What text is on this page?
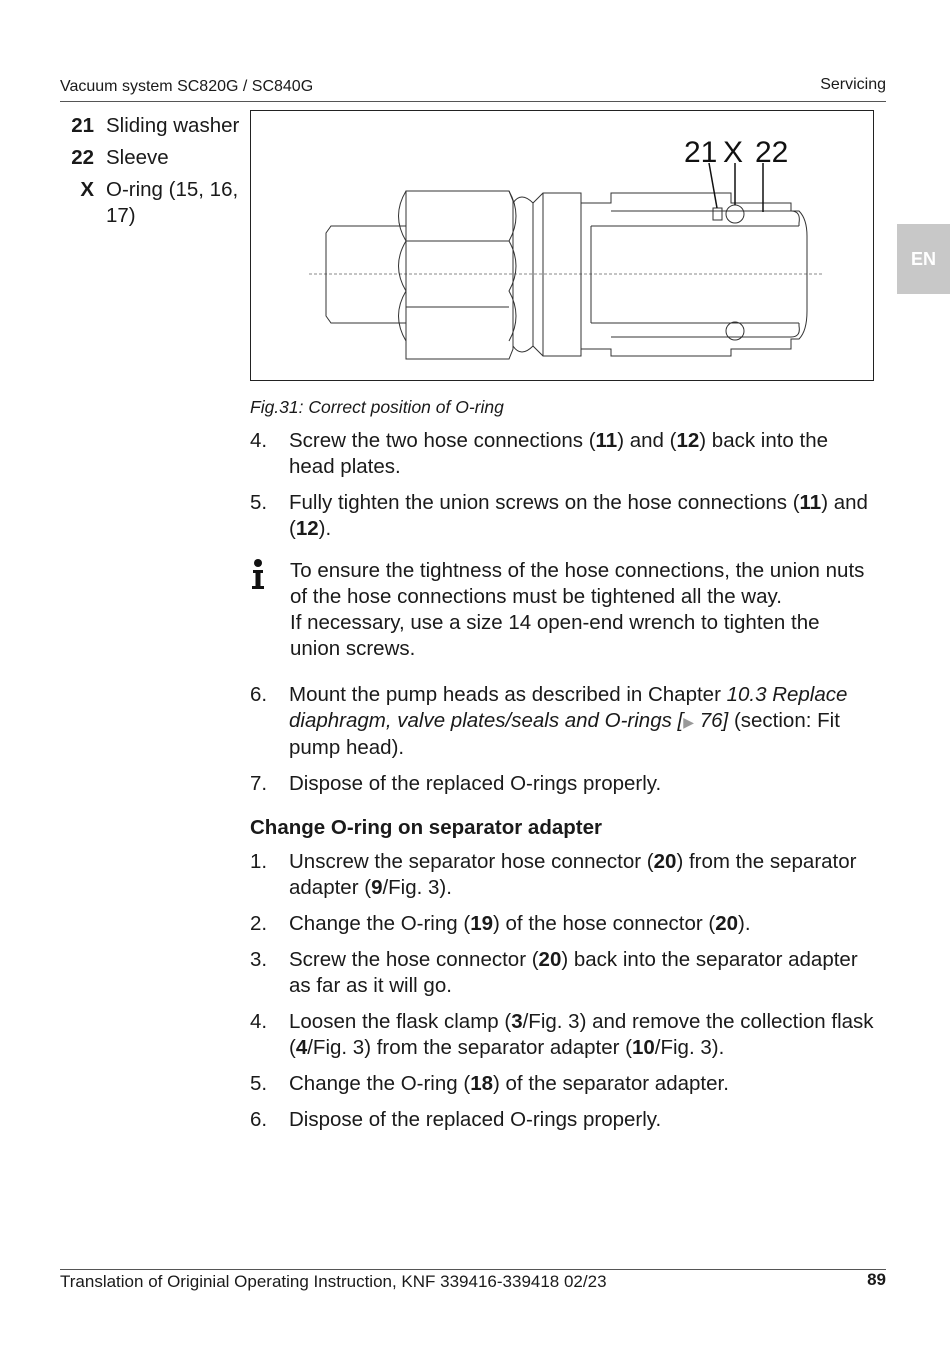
Vacuum system SC820G / SC840G	Servicing
EN
21 Sliding washer
22 Sleeve
X O-ring (15, 16, 17)
21 X 22
Fig.31: Correct position of O-ring
4.	Screw the two hose connections (11) and (12) back into the head plates.
5.	Fully tighten the union screws on the hose connections (11) and (12).

To ensure the tightness of the hose connections, the union nuts of the hose connections must be tightened all the way.

If necessary, use a size 14 open-end wrench to tighten the union screws.

6.	Mount the pump heads as described in Chapter 10.3 Replace diaphragm, valve plates/seals and O-rings [▶ 76] (section: Fit pump head).
7.	Dispose of the replaced O-rings properly.
Change O-ring on separator adapter
1.	Unscrew the separator hose connector (20) from the separator adapter (9/Fig. 3).
2.	Change the O-ring (19) of the hose connector (20).
3.	Screw the hose connector (20) back into the separator adapter as far as it will go.
4.	Loosen the flask clamp (3/Fig. 3) and remove the collection flask (4/Fig. 3) from the separator adapter (10/Fig. 3).
5.	Change the O-ring (18) of the separator adapter.
6.	Dispose of the replaced O-rings properly.
Translation of Originial Operating Instruction, KNF 339416-339418 02/23	89
